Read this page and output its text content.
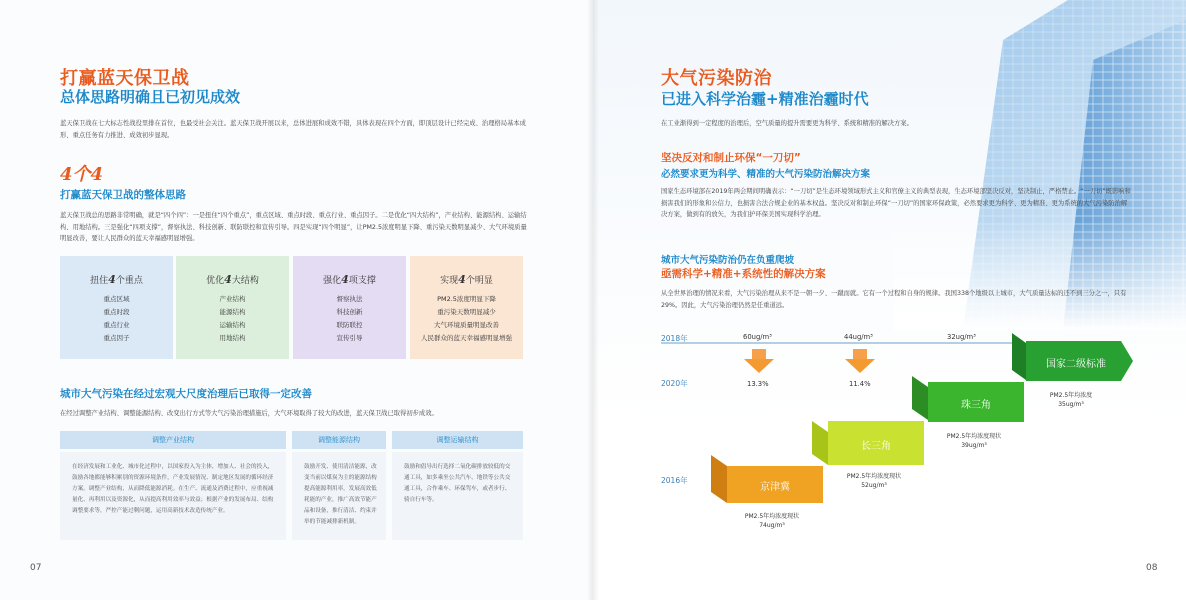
打赢蓝天保卫战
总体思路明确且已初见成效
蓝天保卫战在七大标志性战役里排在首位，也最受社会关注。蓝天保卫战开展以来，总体进展和成效不错，具体表现在四个方面，即顶层设计已经完成、治理格局基本成形、重点任务有力推进、成效初步显现。
4个4
打赢蓝天保卫战的整体思路
蓝天保卫战总的思路非常明确，就是“四个四”：一是扭住“四个重点”，重点区域、重点时段、重点行业、重点因子。二是优化“四大结构”，产业结构、能源结构、运输结构、用地结构。三是强化“四项支撑”，督察执法、科技创新、联防联控和宣传引导。四是实现“四个明显”，让PM2.5浓度明显下降、重污染天数明显减少、大气环境质量明显改善，要让人民群众的蓝天幸福感明显增强。
扭住4个重点
重点区域
重点时段
重点行业
重点因子
优化4大结构
产业结构
能源结构
运输结构
用地结构
强化4项支撑
督察执法
科技创新
联防联控
宣传引导
实现4个明显
PM2.5浓度明显下降
重污染天数明显减少
大气环境质量明显改善
人民群众的蓝天幸福感明显增强
城市大气污染在经过宏观大尺度治理后已取得一定改善
在经过调整产业结构、调整能源结构、改变出行方式等大气污染治理措施后，大气环境取得了较大的改进，蓝天保卫战已取得初步成效。
调整产业结构	调整能源结构	调整运输结构
在经济发展和工业化、城市化过程中，以国家投入为主体，增加人、社会的投入，鼓励各地都能够积累别的资源环境条件，产业发展情况、制定地区发展的循环经济方案。调整产业结构，从而降低能源消耗。在生产、流通及消费过程中，应重视减量化、再利用以及资源化，从而提高利用效率与效益；根据产业的发展布局、结构调整要求等，严控产能过剩问题，运用高新技术改造传统产业。
鼓励开发、使用清洁能源，改变当前以煤炭为主的能源结构提高能源利用率，发展高效低耗能的产业，推广高效节能产品和设备，推行清洁、约束并举的节能减排新机制。
鼓励和倡导出行选择二氧化碳排放较低的交通工具，如多乘坐公共汽车、地铁等公共交通工具，合作乘车、环保驾车，或者步行、骑自行车等。
07
大气污染防治
已进入科学治霾+精准治霾时代
在工业渐得到一定程度的治理后，空气质量的提升需要更为科学、系统和精准的解决方案。
坚决反对和制止环保“一刀切”
必然要求更为科学、精准的大气污染防治解决方案
国家生态环境部在2019年两会期间明确表示：“一刀切”是生态环境领域形式主义和官僚主义的典型表现，生态环境部坚决反对，坚决制止，严格禁止。“一刀切”既影响和损害我们的形象和公信力，也损害合法合规企业的基本权益。坚决反对和制止环保“一刀切”的国家环保政策，必然要求更为科学、更为精准、更为系统的大气污染防治解决方案，做到有的放矢，为我们护环保美国实现科学治理。
城市大气污染防治仍在负重爬坡
亟需科学+精准+系统性的解决方案
从全世界治理的情况来看，大气污染治理从来不是一朝一夕、一蹴而就。它有一个过程和自身的规律。我国338个地级以上城市，大气质量达标的还不到三分之一，只有29%。因此，大气污染治理仍然是任重道远。
2018年
2020年
2016年
60ug/m³	44ug/m³	32ug/m³
13.3%	11.4%
京津冀
长三角
珠三角
国家二级标准
PM2.5年均浓度现状
74ug/m³
PM2.5年均浓度现状
52ug/m³
PM2.5年均浓度现状
39ug/m³
PM2.5年均浓度
35ug/m³
08
